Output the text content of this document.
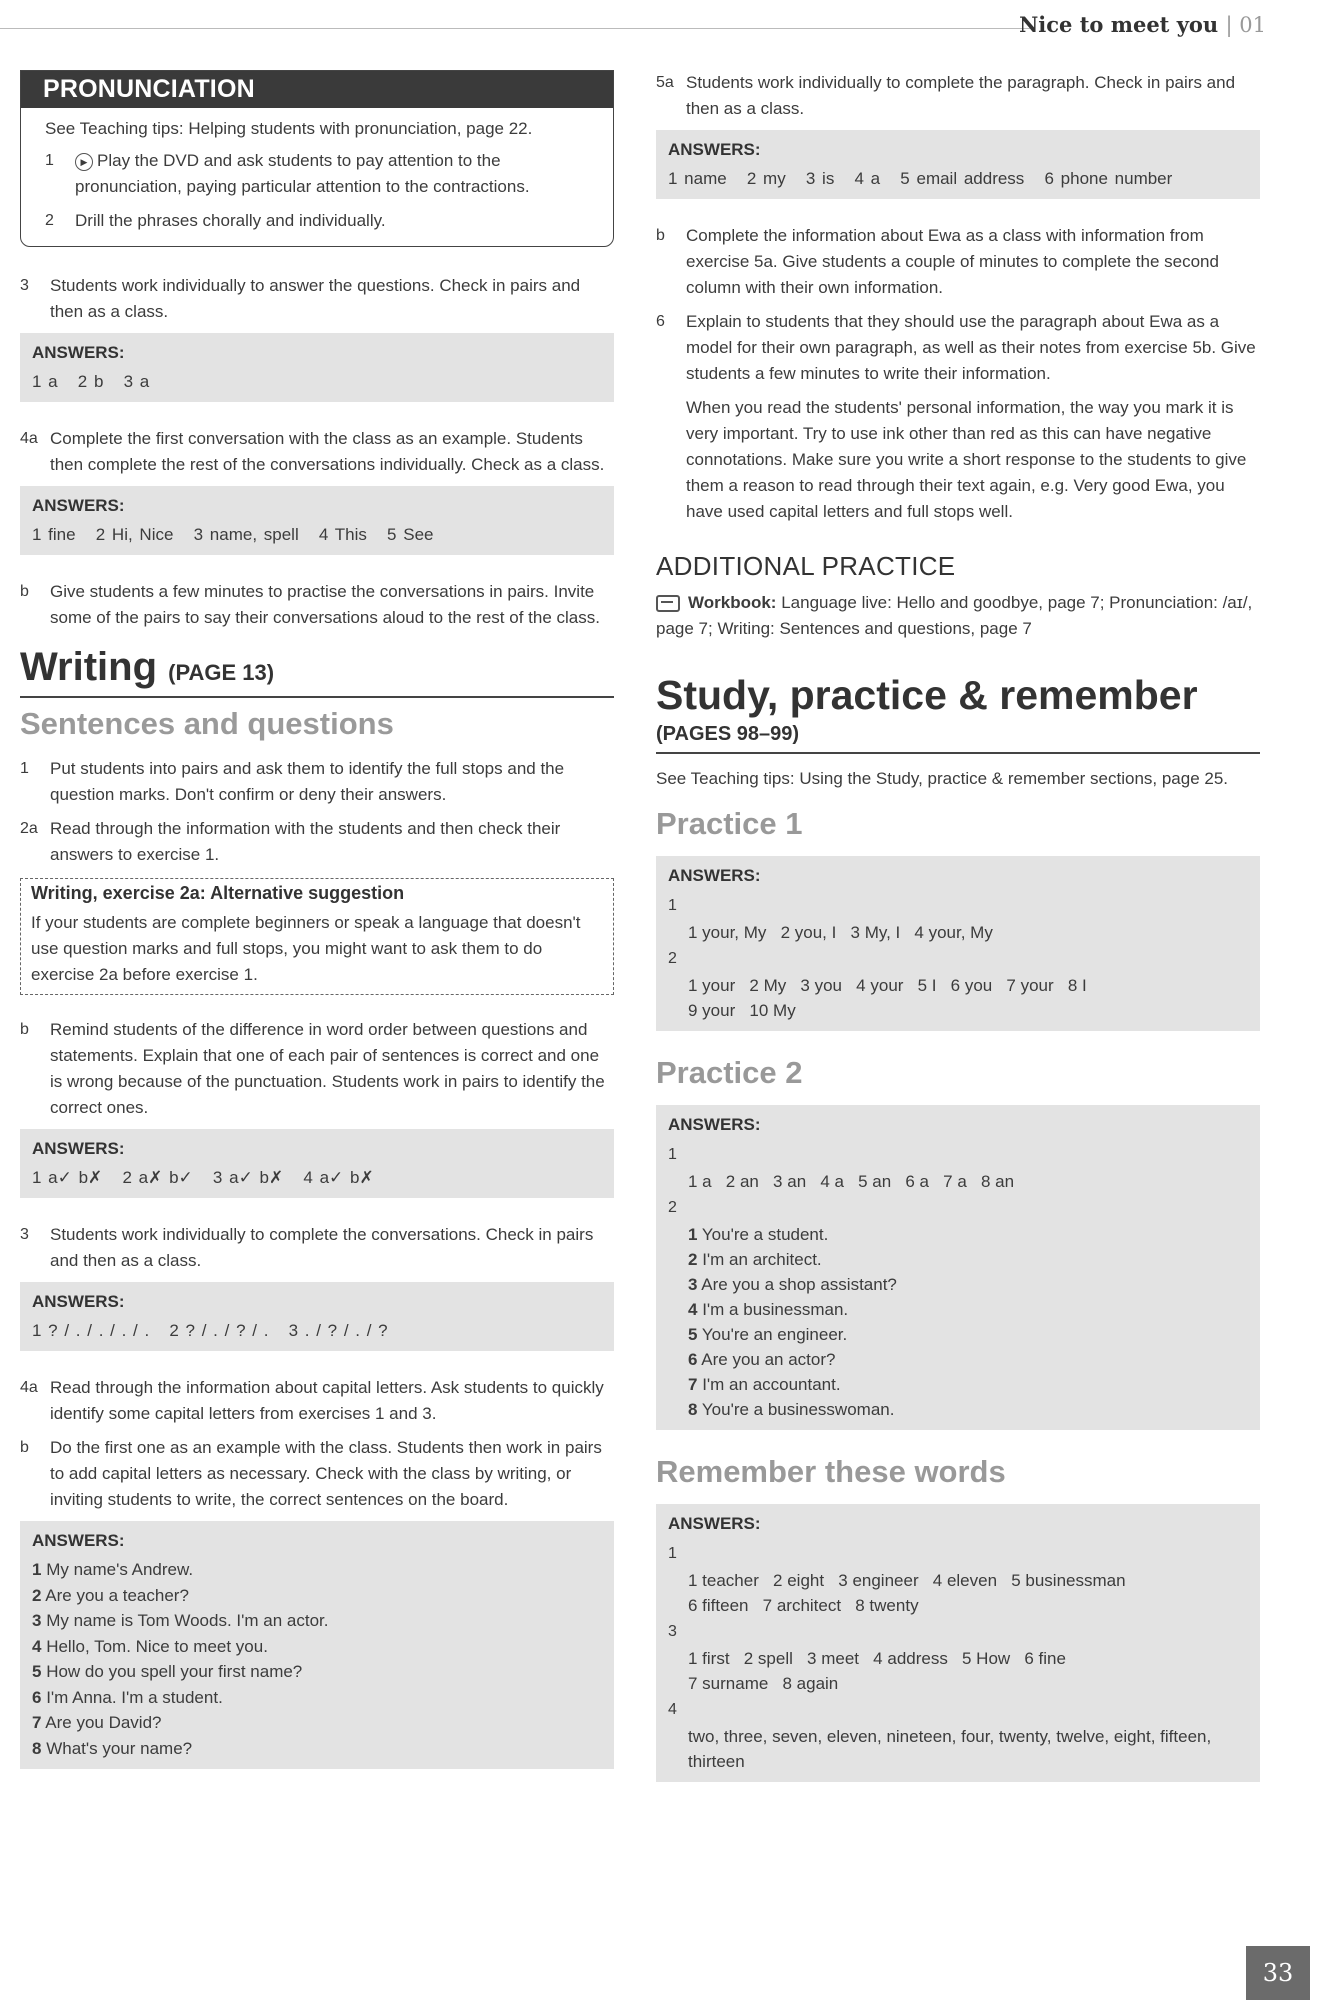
Nice to meet you | 01
PRONUNCIATION

See Teaching tips: Helping students with pronunciation, page 22.

1	▶ Play the DVD and ask students to pay attention to the pronunciation, paying particular attention to the contractions.
2	Drill the phrases chorally and individually.
3	Students work individually to answer the questions. Check in pairs and then as a class.
ANSWERS:
1 a   2 b   3 a
4a Complete the first conversation with the class as an example. Students then complete the rest of the conversations individually. Check as a class.
ANSWERS:
1 fine   2 Hi, Nice   3 name, spell   4 This   5 See
b	Give students a few minutes to practise the conversations in pairs. Invite some of the pairs to say their conversations aloud to the rest of the class.
Writing (PAGE 13)
Sentences and questions
1	Put students into pairs and ask them to identify the full stops and the question marks. Don't confirm or deny their answers.
2a Read through the information with the students and then check their answers to exercise 1.
Writing, exercise 2a: Alternative suggestion

If your students are complete beginners or speak a language that doesn't use question marks and full stops, you might want to ask them to do exercise 2a before exercise 1.

b	Remind students of the difference in word order between questions and statements. Explain that one of each pair of sentences is correct and one is wrong because of the punctuation. Students work in pairs to identify the correct ones.
ANSWERS:
1 a✓ b✗   2 a✗ b✓   3 a✓ b✗   4 a✓ b✗
3	Students work individually to complete the conversations. Check in pairs and then as a class.
ANSWERS:
1 ? / . / . / . / .   2 ? / . / ? / .   3 . / ? / . / ?
4a Read through the information about capital letters. Ask students to quickly identify some capital letters from exercises 1 and 3.
b	Do the first one as an example with the class. Students then work in pairs to add capital letters as necessary. Check with the class by writing, or inviting students to write, the correct sentences on the board.
ANSWERS:
1 My name's Andrew.
2 Are you a teacher?
3 My name is Tom Woods. I'm an actor.
4 Hello, Tom. Nice to meet you.
5 How do you spell your first name?
6 I'm Anna. I'm a student.
7 Are you David?
8 What's your name?
5a Students work individually to complete the paragraph. Check in pairs and then as a class.
ANSWERS:
1 name   2 my   3 is   4 a   5 email address   6 phone number
b	Complete the information about Ewa as a class with information from exercise 5a. Give students a couple of minutes to complete the second column with their own information.
6	Explain to students that they should use the paragraph about Ewa as a model for their own paragraph, as well as their notes from exercise 5b. Give students a few minutes to write their information.
When you read the students' personal information, the way you mark it is very important. Try to use ink other than red as this can have negative connotations. Make sure you write a short response to the students to give them a reason to read through their text again, e.g. Very good Ewa, you have used capital letters and full stops well.
ADDITIONAL PRACTICE

Workbook: Language live: Hello and goodbye, page 7; Pronunciation: /aɪ/, page 7; Writing: Sentences and questions, page 7

Study, practice & remember
(PAGES 98–99)

See Teaching tips: Using the Study, practice & remember sections, page 25.

Practice 1
ANSWERS:
1
1 your, My   2 you, I   3 My, I   4 your, My
2
1 your   2 My   3 you   4 your   5 I   6 you   7 your   8 I
9 your   10 My
Practice 2
ANSWERS:
1
1 a   2 an   3 an   4 a   5 an   6 a   7 a   8 an
2
1 You're a student.
2 I'm an architect.
3 Are you a shop assistant?
4 I'm a businessman.
5 You're an engineer.
6 Are you an actor?
7 I'm an accountant.
8 You're a businesswoman.
Remember these words
ANSWERS:
1
1 teacher   2 eight   3 engineer   4 eleven   5 businessman
6 fifteen   7 architect   8 twenty
3
1 first   2 spell   3 meet   4 address   5 How   6 fine
7 surname   8 again
4
two, three, seven, eleven, nineteen, four, twenty, twelve, eight, fifteen, thirteen
33
